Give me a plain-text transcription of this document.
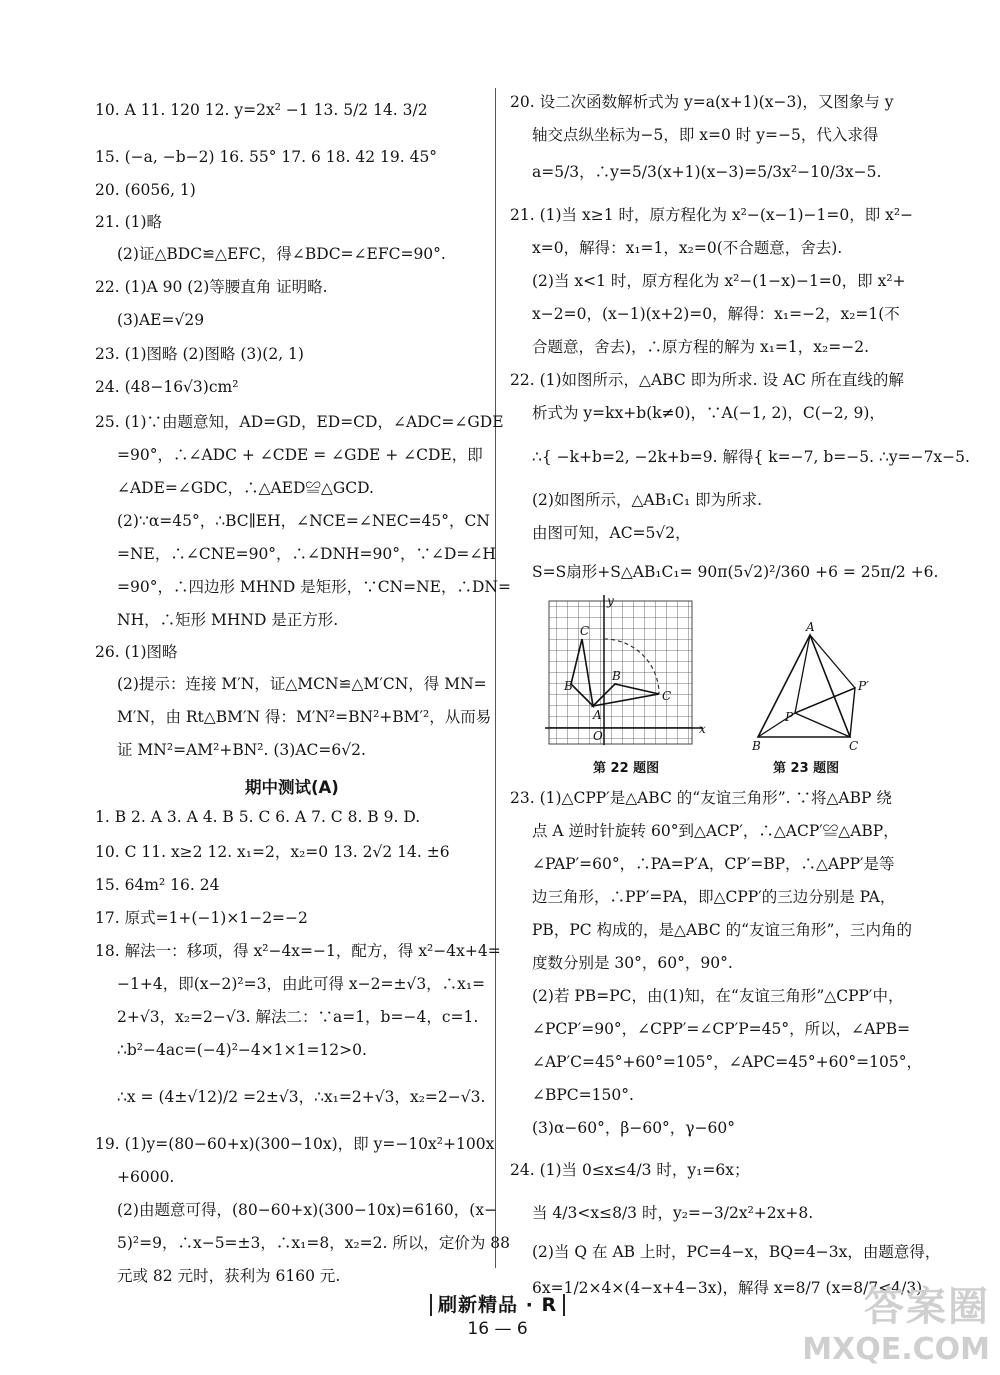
10. A 11. 120 12. y=2x² −1 13. 5/2 14. 3/2
15. (−a, −b−2) 16. 55° 17. 6 18. 42 19. 45°
20. (6056, 1)
21. (1)略
(2)证△BDC≌△EFC，得∠BDC=∠EFC=90°.
22. (1)A 90 (2)等腰直角 证明略.
(3)AE=√29
23. (1)图略 (2)图略 (3)(2, 1)
24. (48−16√3)cm²
25. (1)∵由题意知，AD=GD，ED=CD，∠ADC=∠GDE
=90°，∴∠ADC + ∠CDE = ∠GDE + ∠CDE，即
∠ADE=∠GDC，∴△AED≌△GCD.
(2)∵α=45°，∴BC∥EH，∠NCE=∠NEC=45°，CN
=NE，∴∠CNE=90°，∴∠DNH=90°，∵∠D=∠H
=90°，∴四边形 MHND 是矩形，∵CN=NE，∴DN=
NH，∴矩形 MHND 是正方形.
26. (1)图略
(2)提示：连接 M′N，证△MCN≌△M′CN，得 MN=
M′N，由 Rt△BM′N 得：M′N²=BN²+BM′²，从而易
证 MN²=AM²+BN². (3)AC=6√2.
期中测试(A)
1. B 2. A 3. A 4. B 5. C 6. A 7. C 8. B 9. D.
10. C 11. x≥2 12. x₁=2，x₂=0 13. 2√2 14. ±6
15. 64m² 16. 24
17. 原式=1+(−1)×1−2=−2
18. 解法一：移项，得 x²−4x=−1，配方，得 x²−4x+4=
−1+4，即(x−2)²=3，由此可得 x−2=±√3，∴x₁=
2+√3，x₂=2−√3. 解法二：∵a=1，b=−4，c=1.
∴b²−4ac=(−4)²−4×1×1=12>0.
∴x = (4±√12)/2 =2±√3，∴x₁=2+√3，x₂=2−√3.
19. (1)y=(80−60+x)(300−10x)，即 y=−10x²+100x
+6000.
(2)由题意可得，(80−60+x)(300−10x)=6160，(x−
5)²=9，∴x−5=±3，∴x₁=8，x₂=2. 所以，定价为 88
元或 82 元时，获利为 6160 元.
20. 设二次函数解析式为 y=a(x+1)(x−3)，又图象与 y
轴交点纵坐标为−5，即 x=0 时 y=−5，代入求得
a=5/3，∴y=5/3(x+1)(x−3)=5/3x²−10/3x−5.
21. (1)当 x≥1 时，原方程化为 x²−(x−1)−1=0，即 x²−
x=0，解得：x₁=1，x₂=0(不合题意，舍去).
(2)当 x<1 时，原方程化为 x²−(1−x)−1=0，即 x²+
x−2=0，(x−1)(x+2)=0，解得：x₁=−2，x₂=1(不
合题意，舍去)，∴原方程的解为 x₁=1，x₂=−2.
22. (1)如图所示，△ABC 即为所求. 设 AC 所在直线的解
析式为 y=kx+b(k≠0)，∵A(−1, 2)，C(−2, 9)，
∴{ −k+b=2, −2k+b=9. 解得{ k=−7, b=−5. ∴y=−7x−5.
(2)如图所示，△AB₁C₁ 即为所求.
由图可知，AC=5√2，
S=S扇形+S△AB₁C₁= 90π(5√2)²/360 +6 = 25π/2 +6.
23. (1)△CPP′是△ABC 的“友谊三角形”. ∵将△ABP 绕
点 A 逆时针旋转 60°到△ACP′，∴△ACP′≌△ABP，
∠PAP′=60°，∴PA=P′A，CP′=BP，∴△APP′是等
边三角形，∴PP′=PA，即△CPP′的三边分别是 PA，
PB，PC 构成的，是△ABC 的“友谊三角形”，三内角的
度数分别是 30°，60°，90°.
(2)若 PB=PC，由(1)知，在“友谊三角形”△CPP′中，
∠PCP′=90°，∠CPP′=∠CP′P=45°，所以，∠APB=
∠AP′C=45°+60°=105°，∠APC=45°+60°=105°，
∠BPC=150°.
(3)α−60°，β−60°，γ−60°
24. (1)当 0≤x≤4/3 时，y₁=6x；
当 4/3<x≤8/3 时，y₂=−3/2x²+2x+8.
(2)当 Q 在 AB 上时，PC=4−x，BQ=4−3x，由题意得，
6x=1/2×4×(4−x+4−3x)，解得 x=8/7 (x=8/7<4/3).
x
y
O
A
B
C
B
C
A
B	C
P
P′
第 22 题图	第 23 题图
刷新精品 · R
16 — 6	答案圈
MXQE.COM
